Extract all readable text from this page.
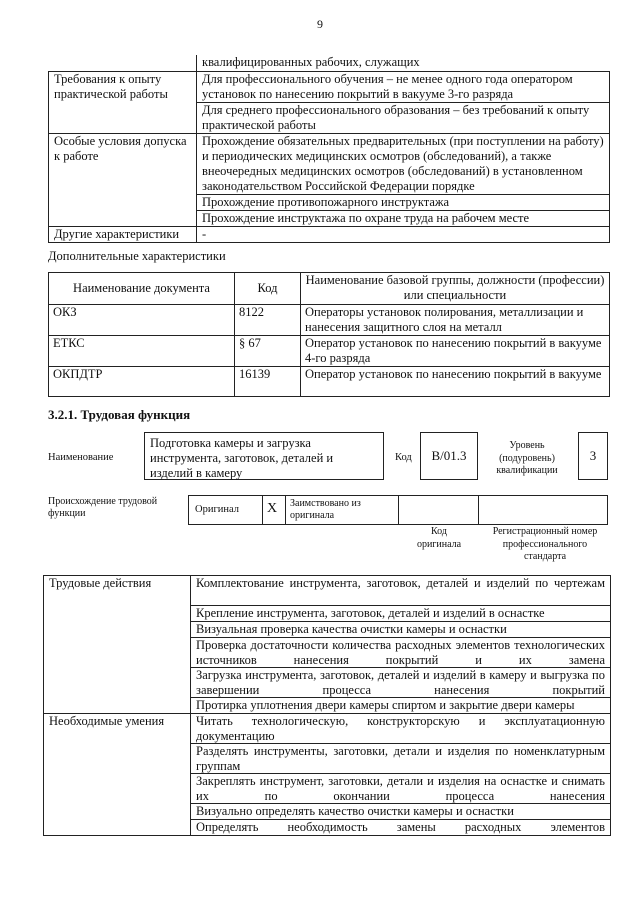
9
	квалифицированных рабочих, служащих
Требования к опыту практической работы	Для профессионального обучения – не менее одного года оператором установок по нанесению покрытий в вакууме 3-го разряда
	Для среднего профессионального образования – без требований к опыту практической работы
Особые условия допуска к работе	Прохождение обязательных предварительных (при поступлении на работу) и периодических медицинских осмотров (обследований), а также внеочередных медицинских осмотров (обследований) в установленном законодательством Российской Федерации порядке
	Прохождение противопожарного инструктажа
	Прохождение инструктажа по охране труда на рабочем месте
Другие характеристики	-
Дополнительные характеристики
Наименование документа	Код	Наименование базовой группы, должности (профессии) или специальности
ОКЗ	8122	Операторы установок полирования, металлизации и нанесения защитного слоя на металл
ЕТКС	§ 67	Оператор установок по нанесению покрытий в вакууме 4-го разряда
ОКПДТР	16139	Оператор установок по нанесению покрытий в вакууме
3.2.1. Трудовая функция
Наименование
Подготовка камеры и загрузка инструмента, заготовок, деталей и изделий в камеру
Код	B/01.3
Уровень (подуровень) квалификации
3
Происхождение трудовой функции	Оригинал X Заимствовано из оригинала
Код оригинала
Регистрационный номер профессионального стандарта
Трудовые действия	Комплектование инструмента, заготовок, деталей и изделий по чертежам
	Крепление инструмента, заготовок, деталей и изделий в оснастке
	Визуальная проверка качества очистки камеры и оснастки
	Проверка достаточности количества расходных элементов технологических источников нанесения покрытий и их замена
	Загрузка инструмента, заготовок, деталей и изделий в камеру и выгрузка по завершении процесса нанесения покрытий
	Протирка уплотнения двери камеры спиртом и закрытие двери камеры
Необходимые умения	Читать технологическую, конструкторскую и эксплуатационную документацию
	Разделять инструменты, заготовки, детали и изделия по номенклатурным группам
	Закреплять инструмент, заготовки, детали и изделия на оснастке и снимать их по окончании процесса нанесения
	Визуально определять качество очистки камеры и оснастки
	Определять необходимость замены расходных элементов
